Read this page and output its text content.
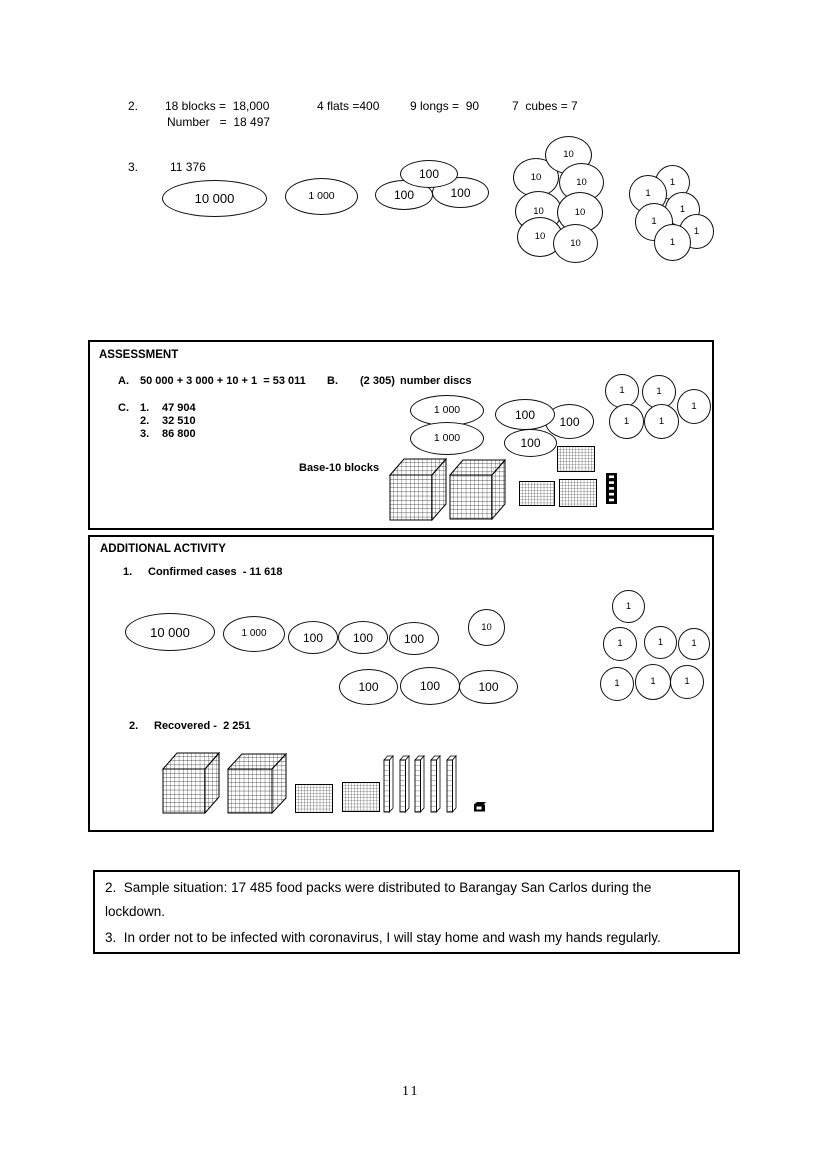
2. 18 blocks =  18,000	4 flats =400	9 longs =  90	7  cubes = 7
Number   =  18 497
3.	11 376
10 000	1 000	100	100
100	10
10
10
10	10
10
10
1
1
1
1
1
1
ASSESSMENT
A. 50 000 + 3 000 + 10 + 1  = 53 011 B. (2 305) number discs
C. 1. 47 904
2. 32 510
3. 86 800
Base-10 blocks
1 000
1 000
100
100
100
1	1
1
1	1
ADDITIONAL ACTIVITY
1. Confirmed cases  - 11 618
10 000	1 000	100	100	100
100	100	100
10
1
1	1	1
1	1	1
2. Recovered -  2 251
2.  Sample situation: 17 485 food packs were distributed to Barangay San Carlos during the
lockdown.
3.  In order not to be infected with coronavirus, I will stay home and wash my hands regularly.
11
